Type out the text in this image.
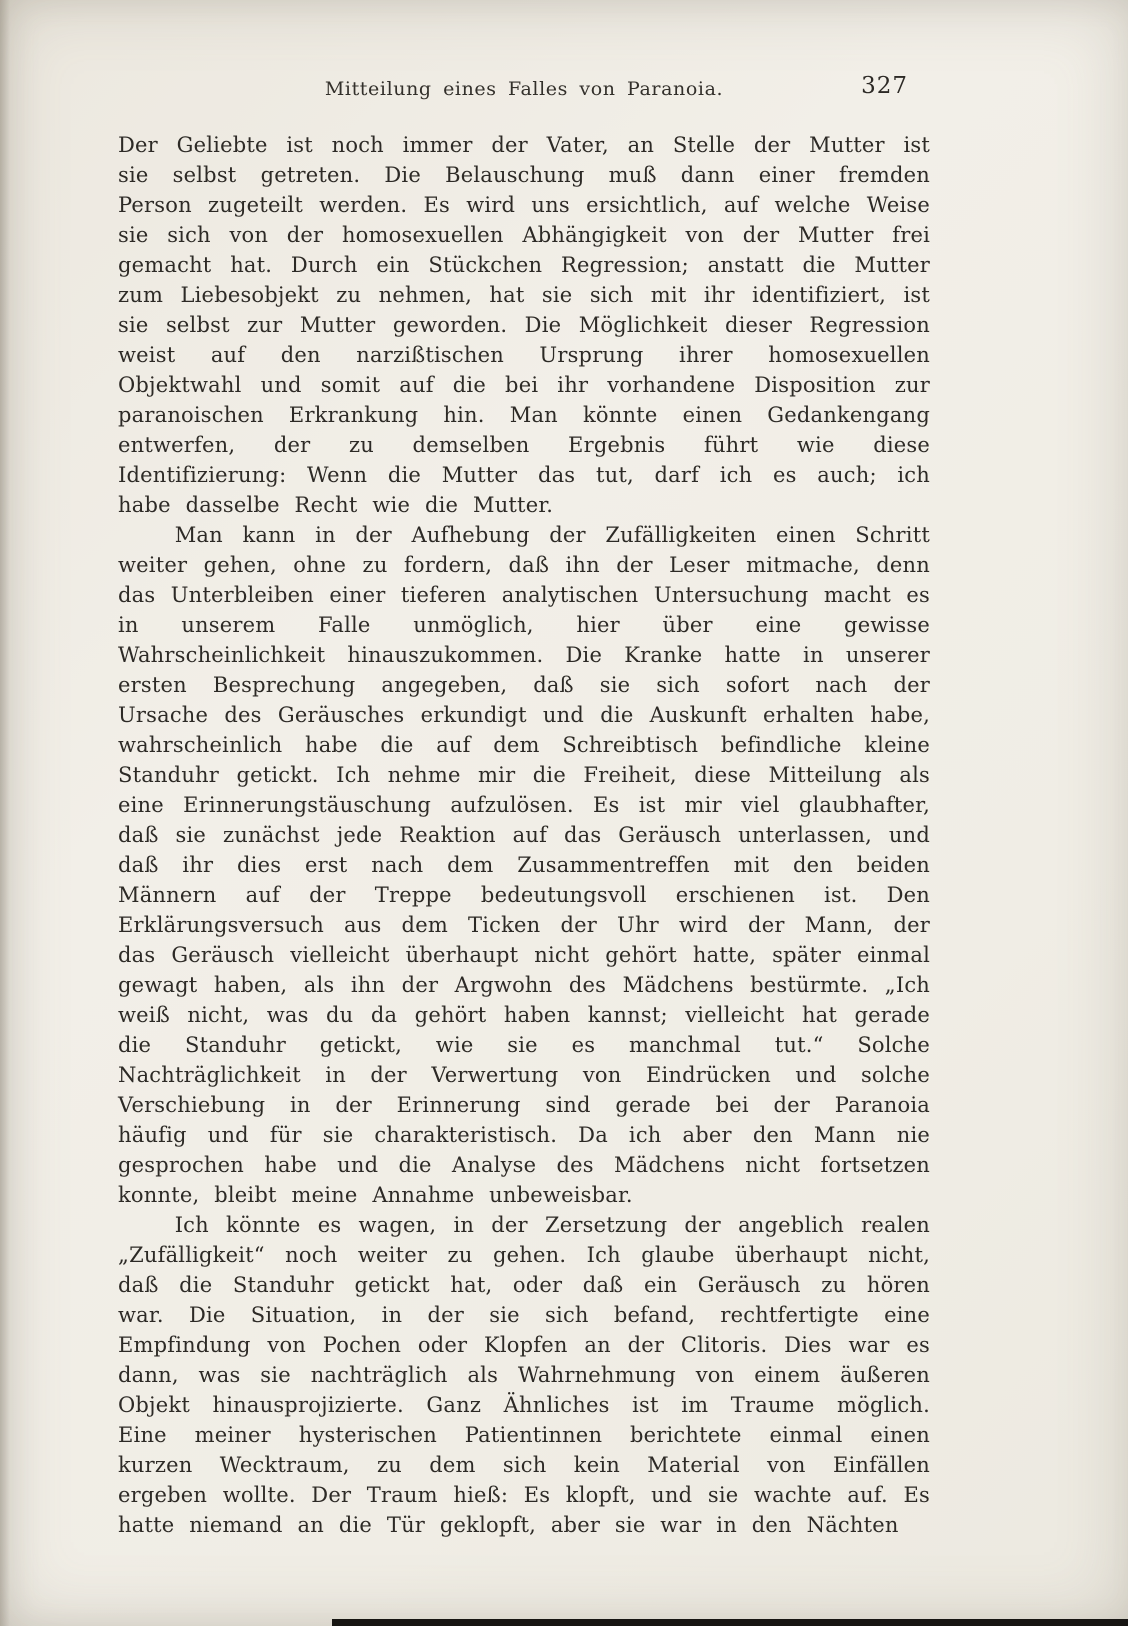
Mitteilung eines Falles von Paranoia.	327

Der Geliebte ist noch immer der Vater, an Stelle der Mutter ist sie selbst getreten. Die Belauschung muß dann einer fremden Person zugeteilt werden. Es wird uns ersichtlich, auf welche Weise sie sich von der homosexuellen Abhängigkeit von der Mutter frei gemacht hat. Durch ein Stückchen Regression; anstatt die Mutter zum Liebesobjekt zu nehmen, hat sie sich mit ihr identifiziert, ist sie selbst zur Mutter geworden. Die Möglichkeit dieser Regression weist auf den narzißtischen Ursprung ihrer homosexuellen Objektwahl und somit auf die bei ihr vorhandene Disposition zur paranoischen Erkrankung hin. Man könnte einen Gedankengang entwerfen, der zu demselben Ergebnis führt wie diese Identifizierung: Wenn die Mutter das tut, darf ich es auch; ich habe dasselbe Recht wie die Mutter.

Man kann in der Aufhebung der Zufälligkeiten einen Schritt weiter gehen, ohne zu fordern, daß ihn der Leser mitmache, denn das Unterbleiben einer tieferen analytischen Untersuchung macht es in unserem Falle unmöglich, hier über eine gewisse Wahrscheinlichkeit hinauszukommen. Die Kranke hatte in unserer ersten Besprechung angegeben, daß sie sich sofort nach der Ursache des Geräusches erkundigt und die Auskunft erhalten habe, wahrscheinlich habe die auf dem Schreibtisch befindliche kleine Standuhr getickt. Ich nehme mir die Freiheit, diese Mitteilung als eine Erinnerungstäuschung aufzulösen. Es ist mir viel glaubhafter, daß sie zunächst jede Reaktion auf das Geräusch unterlassen, und daß ihr dies erst nach dem Zusammentreffen mit den beiden Männern auf der Treppe bedeutungsvoll erschienen ist. Den Erklärungsversuch aus dem Ticken der Uhr wird der Mann, der das Geräusch vielleicht überhaupt nicht gehört hatte, später einmal gewagt haben, als ihn der Argwohn des Mädchens bestürmte. „Ich weiß nicht, was du da gehört haben kannst; vielleicht hat gerade die Standuhr getickt, wie sie es manchmal tut.“ Solche Nachträglichkeit in der Verwertung von Eindrücken und solche Verschiebung in der Erinnerung sind gerade bei der Paranoia häufig und für sie charakteristisch. Da ich aber den Mann nie gesprochen habe und die Analyse des Mädchens nicht fortsetzen konnte, bleibt meine Annahme unbeweisbar.

Ich könnte es wagen, in der Zersetzung der angeblich realen „Zufälligkeit“ noch weiter zu gehen. Ich glaube überhaupt nicht, daß die Standuhr getickt hat, oder daß ein Geräusch zu hören war. Die Situation, in der sie sich befand, rechtfertigte eine Empfindung von Pochen oder Klopfen an der Clitoris. Dies war es dann, was sie nachträglich als Wahrnehmung von einem äußeren Objekt hinausprojizierte. Ganz Ähnliches ist im Traume möglich. Eine meiner hysterischen Patientinnen berichtete einmal einen kurzen Wecktraum, zu dem sich kein Material von Einfällen ergeben wollte. Der Traum hieß: Es klopft, und sie wachte auf. Es hatte niemand an die Tür geklopft, aber sie war in den Nächten
